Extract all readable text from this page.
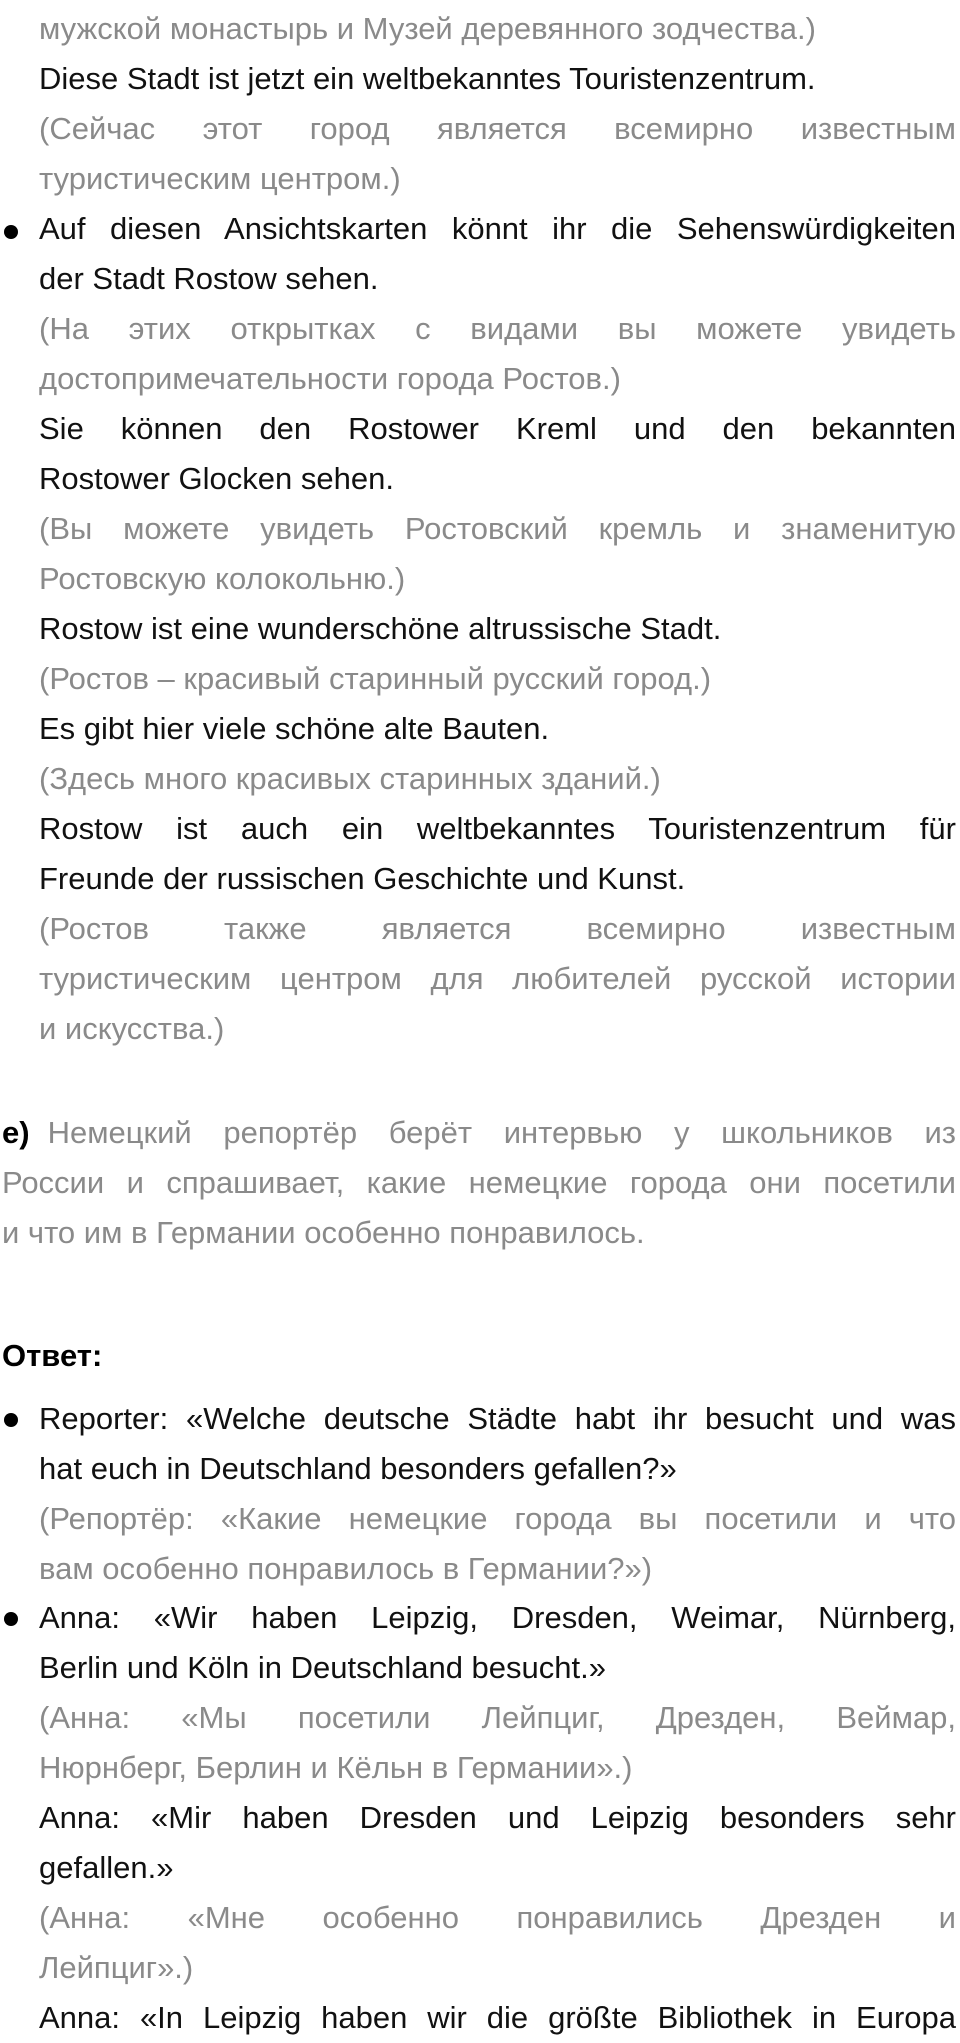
мужской монастырь и Музей деревянного зодчества.)
Diese Stadt ist jetzt ein weltbekanntes Touristenzentrum.
(Сейчас этот город является всемирно известным
туристическим центром.)
Auf diesen Ansichtskarten könnt ihr die Sehenswürdigkeiten
der Stadt Rostow sehen.
(На этих открытках с видами вы можете увидеть
достопримечательности города Ростов.)
Sie können den Rostower Kreml und den bekannten
Rostower Glocken sehen.
(Вы можете увидеть Ростовский кремль и знаменитую
Ростовскую колокольню.)
Rostow ist eine wunderschöne altrussische Stadt.
(Ростов – красивый старинный русский город.)
Es gibt hier viele schöne alte Bauten.
(Здесь много красивых старинных зданий.)
Rostow ist auch ein weltbekanntes Touristenzentrum für
Freunde der russischen Geschichte und Kunst.
(Ростов также является всемирно известным
туристическим центром для любителей русской истории
и искусства.)
e) Немецкий репортёр берёт интервью у школьников из
России и спрашивает, какие немецкие города они посетили
и что им в Германии особенно понравилось.
Ответ:
Reporter: «Welche deutsche Städte habt ihr besucht und was
hat euch in Deutschland besonders gefallen?»
(Репортёр: «Какие немецкие города вы посетили и что
вам особенно понравилось в Германии?»)
Anna: «Wir haben Leipzig, Dresden, Weimar, Nürnberg,
Berlin und Köln in Deutschland besucht.»
(Анна: «Мы посетили Лейпциг, Дрезден, Веймар,
Нюрнберг, Берлин и Кёльн в Германии».)
Anna: «Mir haben Dresden und Leipzig besonders sehr
gefallen.»
(Анна: «Мне особенно понравились Дрезден и
Лейпциг».)
Anna: «In Leipzig haben wir die größte Bibliothek in Europa
